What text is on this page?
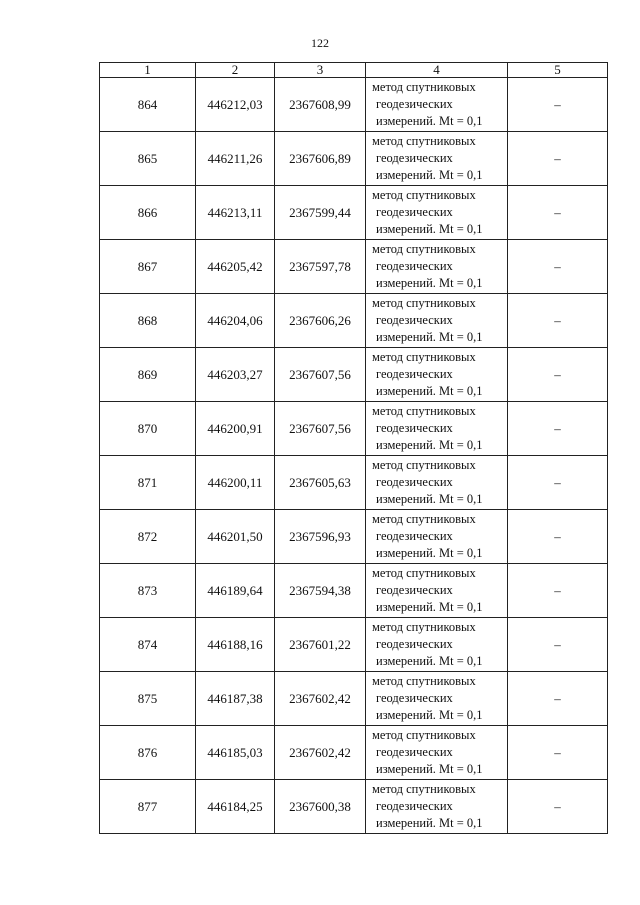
122
1	2	3	4	5
864	446212,03	2367608,99	метод спутниковых
геодезических
измерений. Mt = 0,1	–
865	446211,26	2367606,89	метод спутниковых
геодезических
измерений. Mt = 0,1	–
866	446213,11	2367599,44	метод спутниковых
геодезических
измерений. Mt = 0,1	–
867	446205,42	2367597,78	метод спутниковых
геодезических
измерений. Mt = 0,1	–
868	446204,06	2367606,26	метод спутниковых
геодезических
измерений. Mt = 0,1	–
869	446203,27	2367607,56	метод спутниковых
геодезических
измерений. Mt = 0,1	–
870	446200,91	2367607,56	метод спутниковых
геодезических
измерений. Mt = 0,1	–
871	446200,11	2367605,63	метод спутниковых
геодезических
измерений. Mt = 0,1	–
872	446201,50	2367596,93	метод спутниковых
геодезических
измерений. Mt = 0,1	–
873	446189,64	2367594,38	метод спутниковых
геодезических
измерений. Mt = 0,1	–
874	446188,16	2367601,22	метод спутниковых
геодезических
измерений. Mt = 0,1	–
875	446187,38	2367602,42	метод спутниковых
геодезических
измерений. Mt = 0,1	–
876	446185,03	2367602,42	метод спутниковых
геодезических
измерений. Mt = 0,1	–
877	446184,25	2367600,38	метод спутниковых
геодезических
измерений. Mt = 0,1	–
